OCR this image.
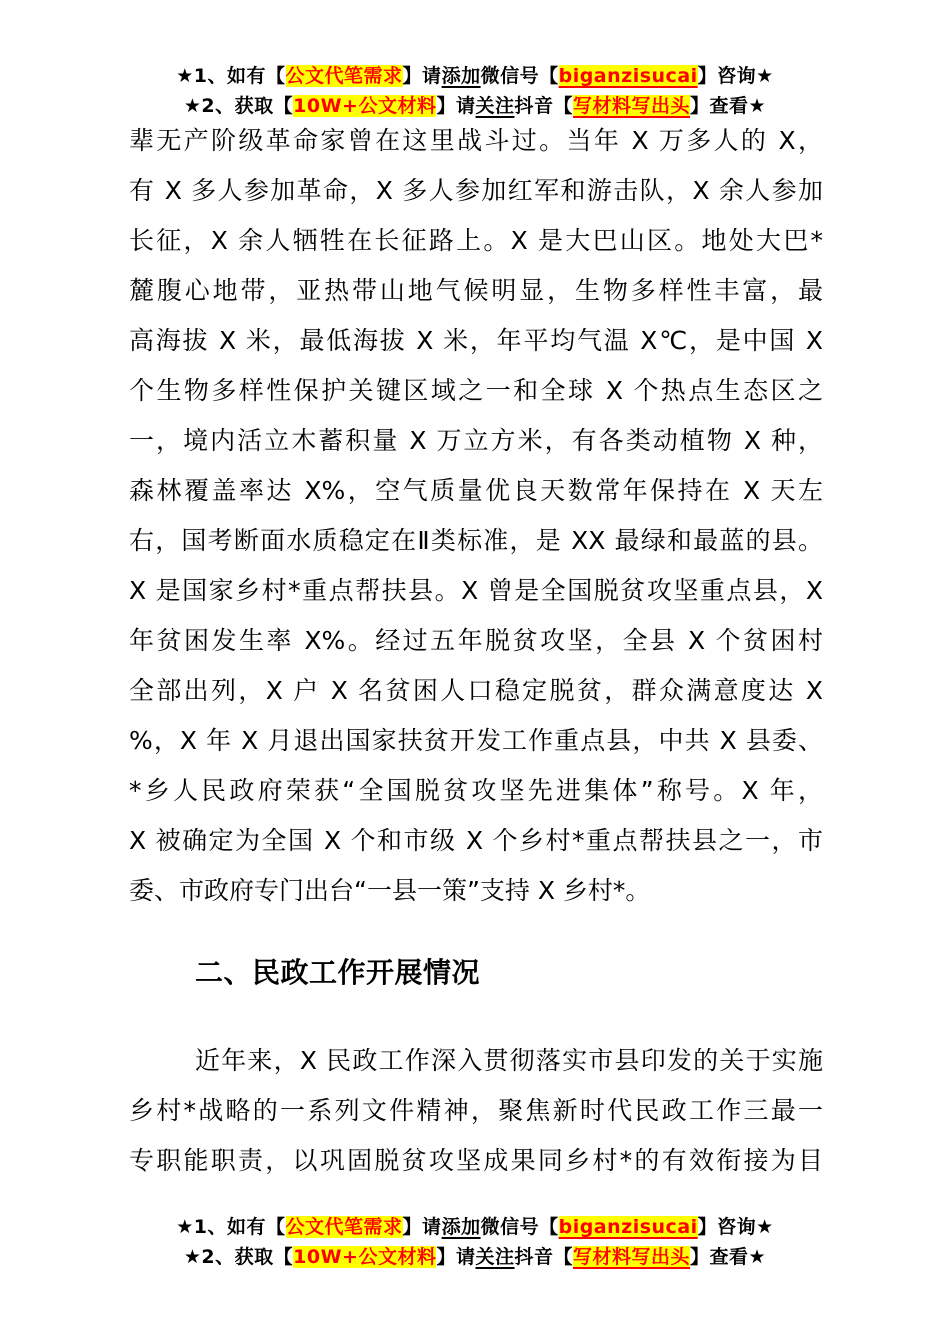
★1、如有【公文代笔需求】请添加微信号【biganzisucai】咨询★
★2、获取【10W+公文材料】请关注抖音【写材料写出头】查看★
辈无产阶级革命家曾在这里战斗过。当年 X 万多人的 X，
有 X 多人参加革命，X 多人参加红军和游击队，X 余人参加
长征，X 余人牺牲在长征路上。X 是大巴山区。地处大巴*
麓腹心地带，亚热带山地气候明显，生物多样性丰富，最
高海拔 X 米，最低海拔 X 米，年平均气温 X℃，是中国 X
个生物多样性保护关键区域之一和全球 X 个热点生态区之
一，境内活立木蓄积量 X 万立方米，有各类动植物 X 种，
森林覆盖率达 X%，空气质量优良天数常年保持在 X 天左
右，国考断面水质稳定在Ⅱ类标准，是 XX 最绿和最蓝的县。
X 是国家乡村*重点帮扶县。X 曾是全国脱贫攻坚重点县，X
年贫困发生率 X%。经过五年脱贫攻坚，全县 X 个贫困村
全部出列，X 户 X 名贫困人口稳定脱贫，群众满意度达 X
%，X 年 X 月退出国家扶贫开发工作重点县，中共 X 县委、
*乡人民政府荣获“全国脱贫攻坚先进集体”称号。X 年，
X 被确定为全国 X 个和市级 X 个乡村*重点帮扶县之一，市
委、市政府专门出台“一县一策”支持 X 乡村*。
二、民政工作开展情况
近年来，X 民政工作深入贯彻落实市县印发的关于实施
乡村*战略的一系列文件精神，聚焦新时代民政工作三最一
专职能职责，以巩固脱贫攻坚成果同乡村*的有效衔接为目
★1、如有【公文代笔需求】请添加微信号【biganzisucai】咨询★
★2、获取【10W+公文材料】请关注抖音【写材料写出头】查看★
